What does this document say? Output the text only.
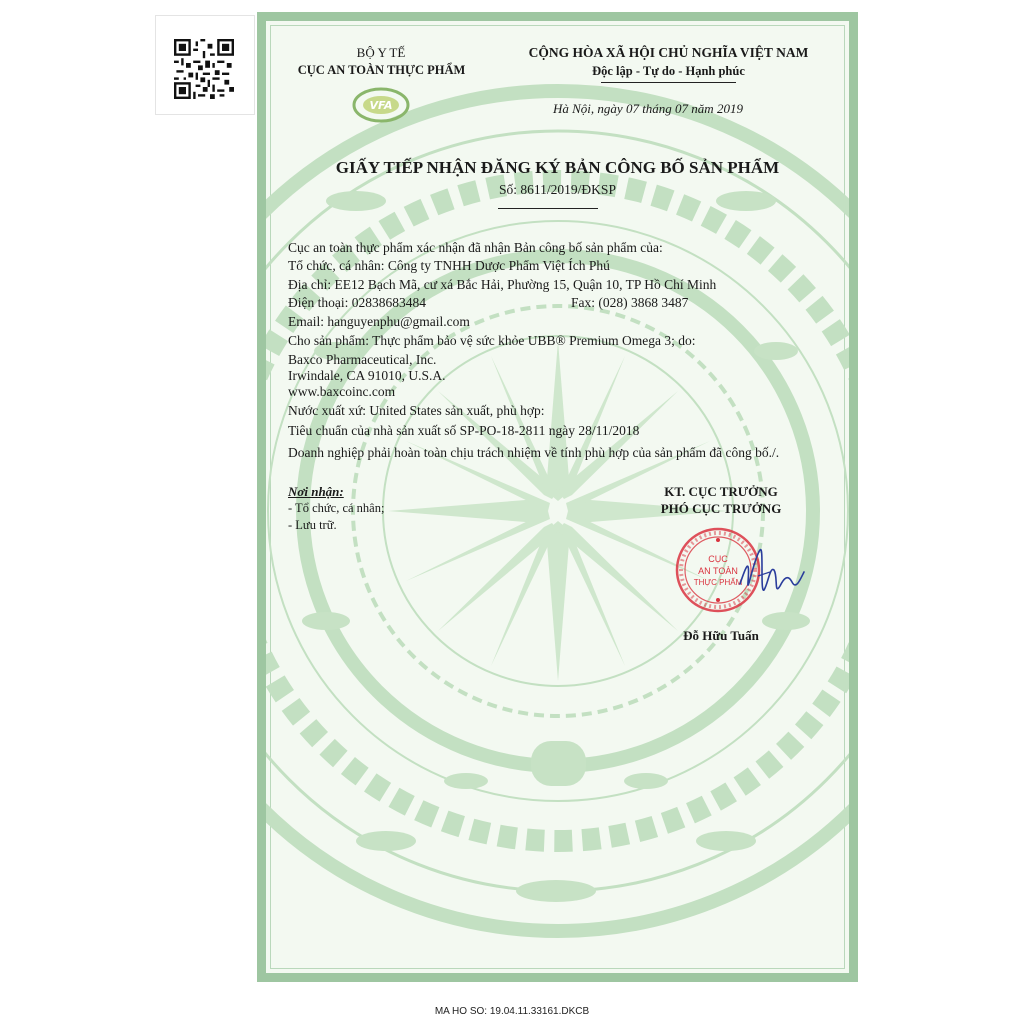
BỘ Y TẾ
CỤC AN TOÀN THỰC PHẨM
VFA
CỘNG HÒA XÃ HỘI CHỦ NGHĨA VIỆT NAM
Độc lập - Tự do - Hạnh phúc
Hà Nội, ngày 07 tháng 07 năm 2019
GIẤY TIẾP NHẬN ĐĂNG KÝ BẢN CÔNG BỐ SẢN PHẨM
Số: 8611/2019/ĐKSP
Cục an toàn thực phẩm xác nhận đã nhận Bản công bố sản phẩm của:
Tổ chức, cá nhân: Công ty TNHH Dược Phẩm Việt Ích Phú
Địa chỉ: EE12 Bạch Mã, cư xá Bắc Hải, Phường 15, Quận 10, TP Hồ Chí Minh
Điện thoại: 02838683484	Fax: (028) 3868 3487
Email: hanguyenphu@gmail.com
Cho sản phẩm: Thực phẩm bảo vệ sức khỏe UBB® Premium Omega 3; do:
Baxco Pharmaceutical, Inc.
Irwindale, CA 91010, U.S.A.
www.baxcoinc.com
Nước xuất xứ: United States sản xuất, phù hợp:
Tiêu chuẩn của nhà sản xuất số SP-PO-18-2811 ngày 28/11/2018
Doanh nghiệp phải hoàn toàn chịu trách nhiệm về tính phù hợp của sản phẩm đã công bố./.
Nơi nhận:
- Tổ chức, cá nhân;
- Lưu trữ.
KT. CỤC TRƯỞNG
PHÓ CỤC TRƯỞNG
CỤC
AN TOÀN
THỰC PHẨM
Đỗ Hữu Tuấn
MA HO SO: 19.04.11.33161.DKCB
